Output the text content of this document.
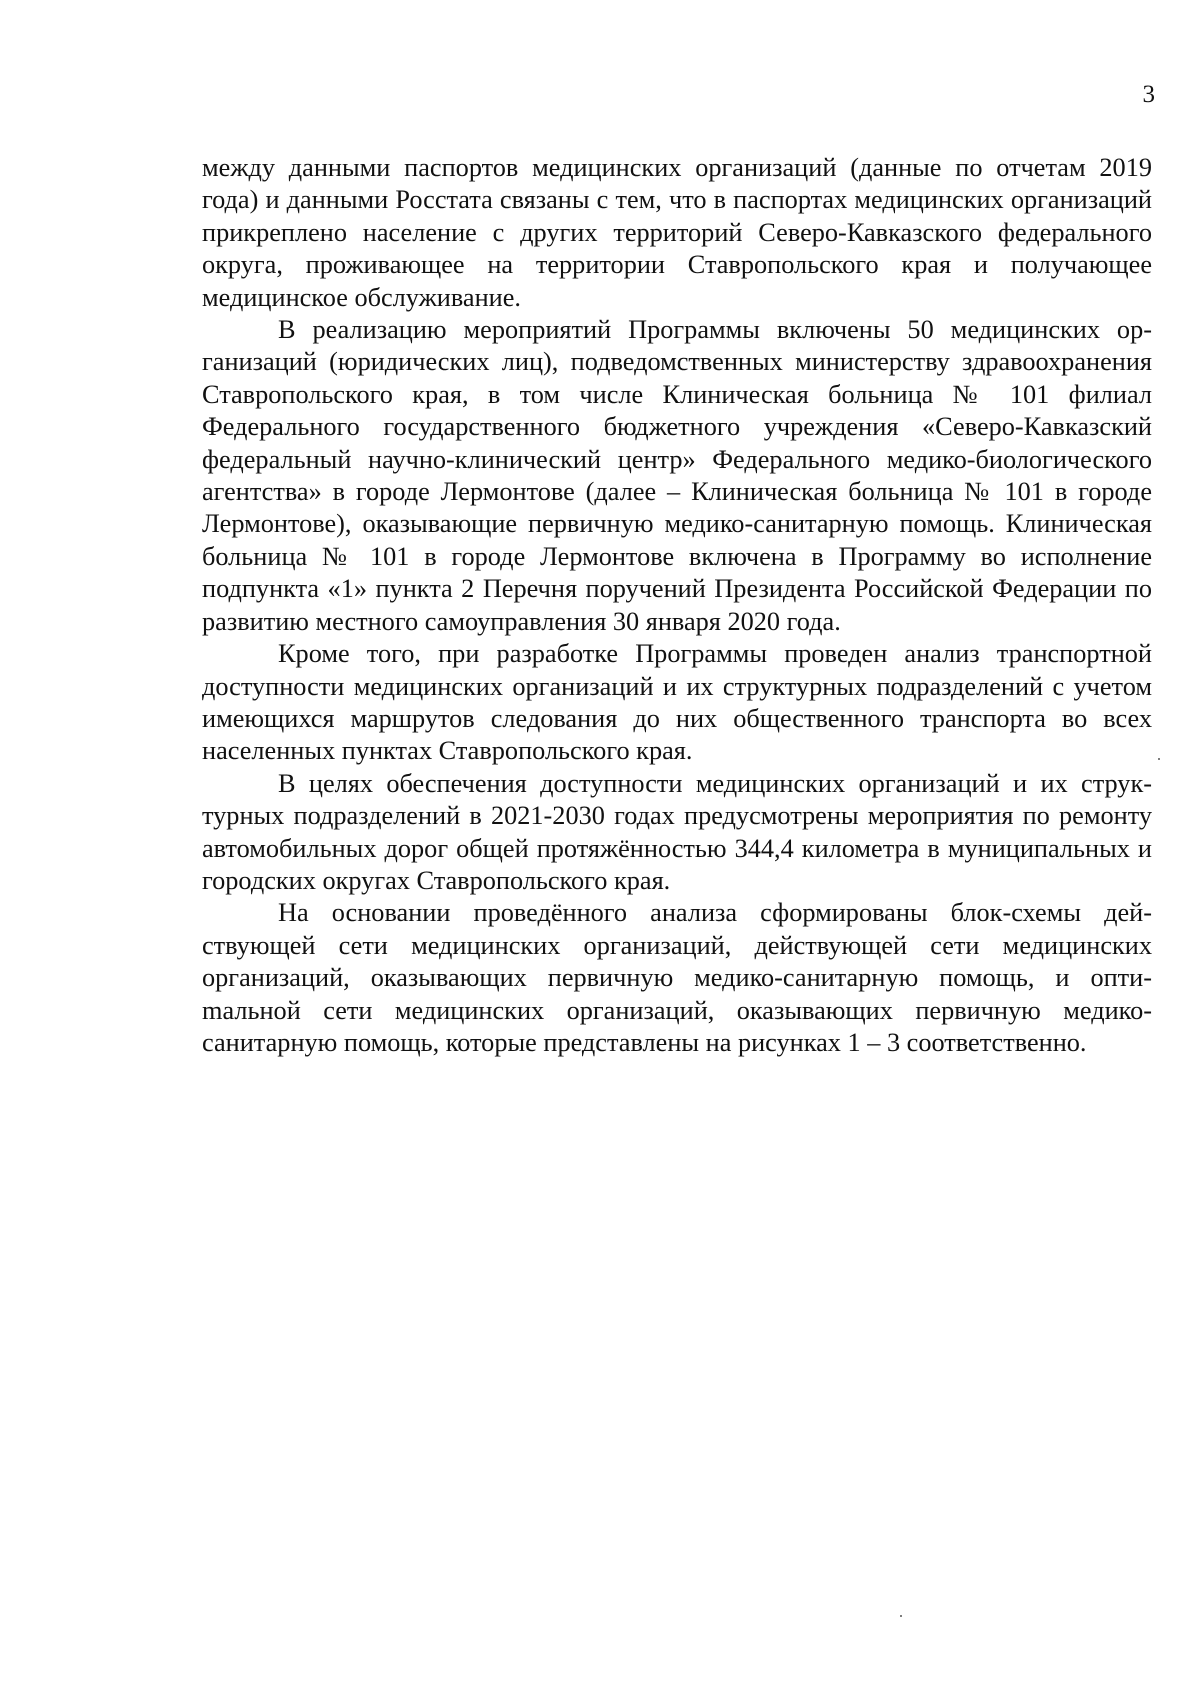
3

между данными паспортов медицинских организаций (данные по отчетам 2019 года) и данными Росстата связаны с тем, что в паспортах медицинских организаций прикреплено население с других территорий Северо-Кавказского федерального округа, проживающее на территории Ставропольского края и получающее медицинское обслуживание.

В реализацию мероприятий Программы включены 50 медицинских организаций (юридических лиц), подведомственных министерству здравоохранения Ставропольского края, в том числе Клиническая больница № 101 филиал Федерального государственного бюджетного учреждения «Северо-Кавказский федеральный научно-клинический центр» Федерального медико-биологического агентства» в городе Лермонтове (далее – Клиническая больница № 101 в городе Лермонтове), оказывающие первичную медико-санитарную помощь. Клиническая больница № 101 в городе Лермонтове включена в Программу во исполнение подпункта «1» пункта 2 Перечня поручений Президента Российской Федерации по развитию местного самоуправления 30 января 2020 года.

Кроме того, при разработке Программы проведен анализ транспортной доступности медицинских организаций и их структурных подразделений с учетом имеющихся маршрутов следования до них общественного транспорта во всех населенных пунктах Ставропольского края.

В целях обеспечения доступности медицинских организаций и их структурных подразделений в 2021-2030 годах предусмотрены мероприятия по ремонту автомобильных дорог общей протяжённостью 344,4 километра в муниципальных и городских округах Ставропольского края.

На основании проведённого анализа сформированы блок-схемы действующей сети медицинских организаций, действующей сети медицинских организаций, оказывающих первичную медико-санитарную помощь, и оптиmальной сети медицинских организаций, оказывающих первичную медико-санитарную помощь, которые представлены на рисунках 1 – 3 соответственно.
